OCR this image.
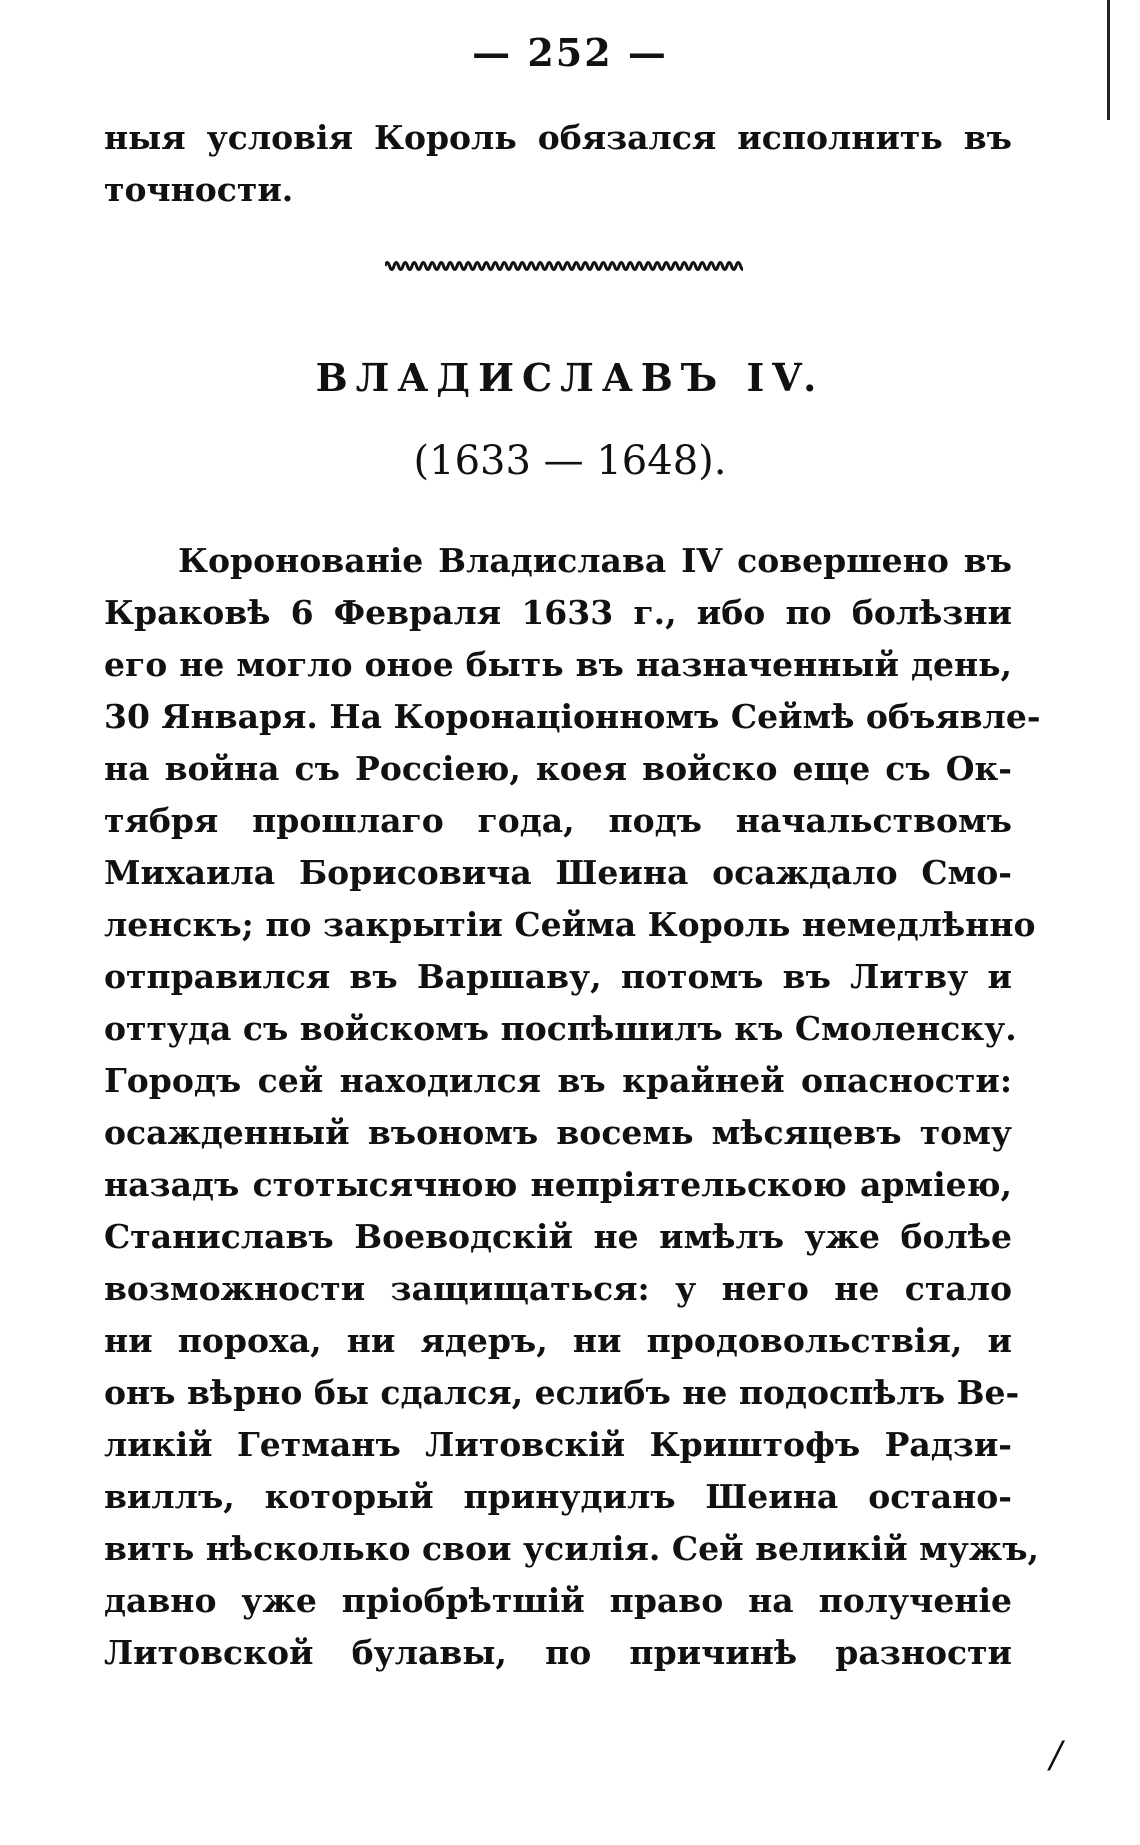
— 252 —
ныя условія Король обязался исполнить въ
точности.
ВЛАДИСЛАВЪ IV.
(1633 — 1648).
Коронованіе Владислава IV совершено въ
Краковѣ 6 Февраля 1633 г., ибо по болѣзни
его не могло оное быть въ назначенный день,
30 Января. На Коронаціонномъ Сеймѣ объявле-
на война съ Россіею, коея войско еще съ Ок-
тября прошлаго года, подъ начальствомъ
Михаила Борисовича Шеина осаждало Смо-
ленскъ; по закрытіи Сейма Король немедлѣнно
отправился въ Варшаву, потомъ въ Литву и
оттуда съ войскомъ поспѣшилъ къ Смоленску.
Городъ сей находился въ крайней опасности:
осажденный въономъ восемь мѣсяцевъ тому
назадъ стотысячною непріятельскою арміею,
Станиславъ Воеводскій не имѣлъ уже болѣе
возможности защищаться: у него не стало
ни пороха, ни ядеръ, ни продовольствія, и
онъ вѣрно бы сдался, еслибъ не подоспѣлъ Ве-
ликій Гетманъ Литовскій Криштофъ Радзи-
виллъ, который принудилъ Шеина остано-
вить нѣсколько свои усилія. Сей великій мужъ,
давно уже пріобрѣтшій право на полученіе
Литовской булавы, по причинѣ разности
/
